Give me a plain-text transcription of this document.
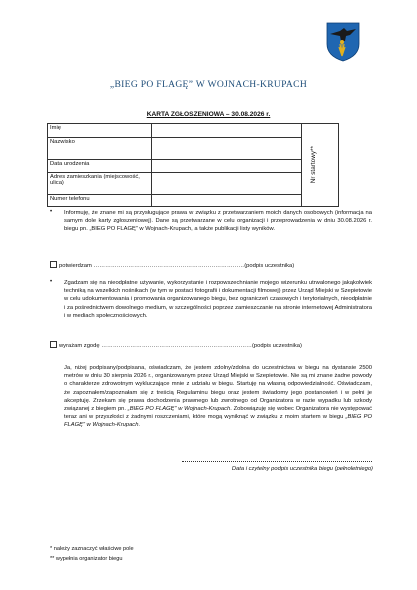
„BIEG PO FLAGĘ” W WOJNACH-KRUPACH
KARTA ZGŁOSZENIOWA – 30.08.2026 r.
Imię		Nr startowy**

Nazwisko		
Data urodzenia		
Adres zamieszkania (miejscowość, ulica)		
Numer telefonu		
• Informuję, że znane mi są przysługujące prawa w związku z przetwarzaniem moich danych osobowych (informacja na samym dole karty zgłoszeniowej). Dane są przetwarzane w celu organizacji i przeprowadzenia w dniu 30.08.2026 r. biegu pn. „BIEG PO FLAGĘ” w Wojnach-Krupach, a także publikacji listy wyników.
potwierdzam ……………………………………………………………………(podpis uczestnika)
• Zgadzam się na nieodpłatne używanie, wykorzystanie i rozpowszechnianie mojego wizerunku utrwalonego jakąkolwiek techniką na wszelkich nośnikach (w tym w postaci fotografii i dokumentacji filmowej) przez Urząd Miejski w Szepietowie w celu udokumentowania i promowania organizowanego biegu, bez ograniczeń czasowych i terytorialnych, nieodpłatnie i za pośrednictwem dowolnego medium, w szczególności poprzez zamieszczanie na stronie internetowej Administratora i w mediach społecznościowych.
wyrażam zgodę ……………………………………………………………………(podpis uczestnika)
Ja, niżej podpisany/podpisana, oświadczam, że jestem zdolny/zdolna do uczestnictwa w biegu na dystansie 2500 metrów w dniu 30 sierpnia 2026 r., organizowanym przez Urząd Miejski w Szepietowie. Nie są mi znane żadne powody o charakterze zdrowotnym wykluczające mnie z udziału w biegu. Startuję na własną odpowiedzialność. Oświadczam, że zapoznałem/zapoznałam się z treścią Regulaminu biegu oraz jestem świadomy jego postanowień i w pełni je akceptuję. Zrzekam się prawa dochodzenia prawnego lub zwrotnego od Organizatora w razie wypadku lub szkody związanej z biegiem pn. „BIEG PO FLAGĘ” w Wojnach-Krupach. Zobowiązuję się wobec Organizatora nie występować teraz ani w przyszłości z żadnymi roszczeniami, które mogą wyniknąć w związku z moim startem w biegu „BIEG PO FLAGĘ” w Wojnach-Krupach.
Data i czytelny podpis uczestnika biegu (pełnoletniego)
* należy zaznaczyć właściwe pole
** wypełnia organizator biegu
